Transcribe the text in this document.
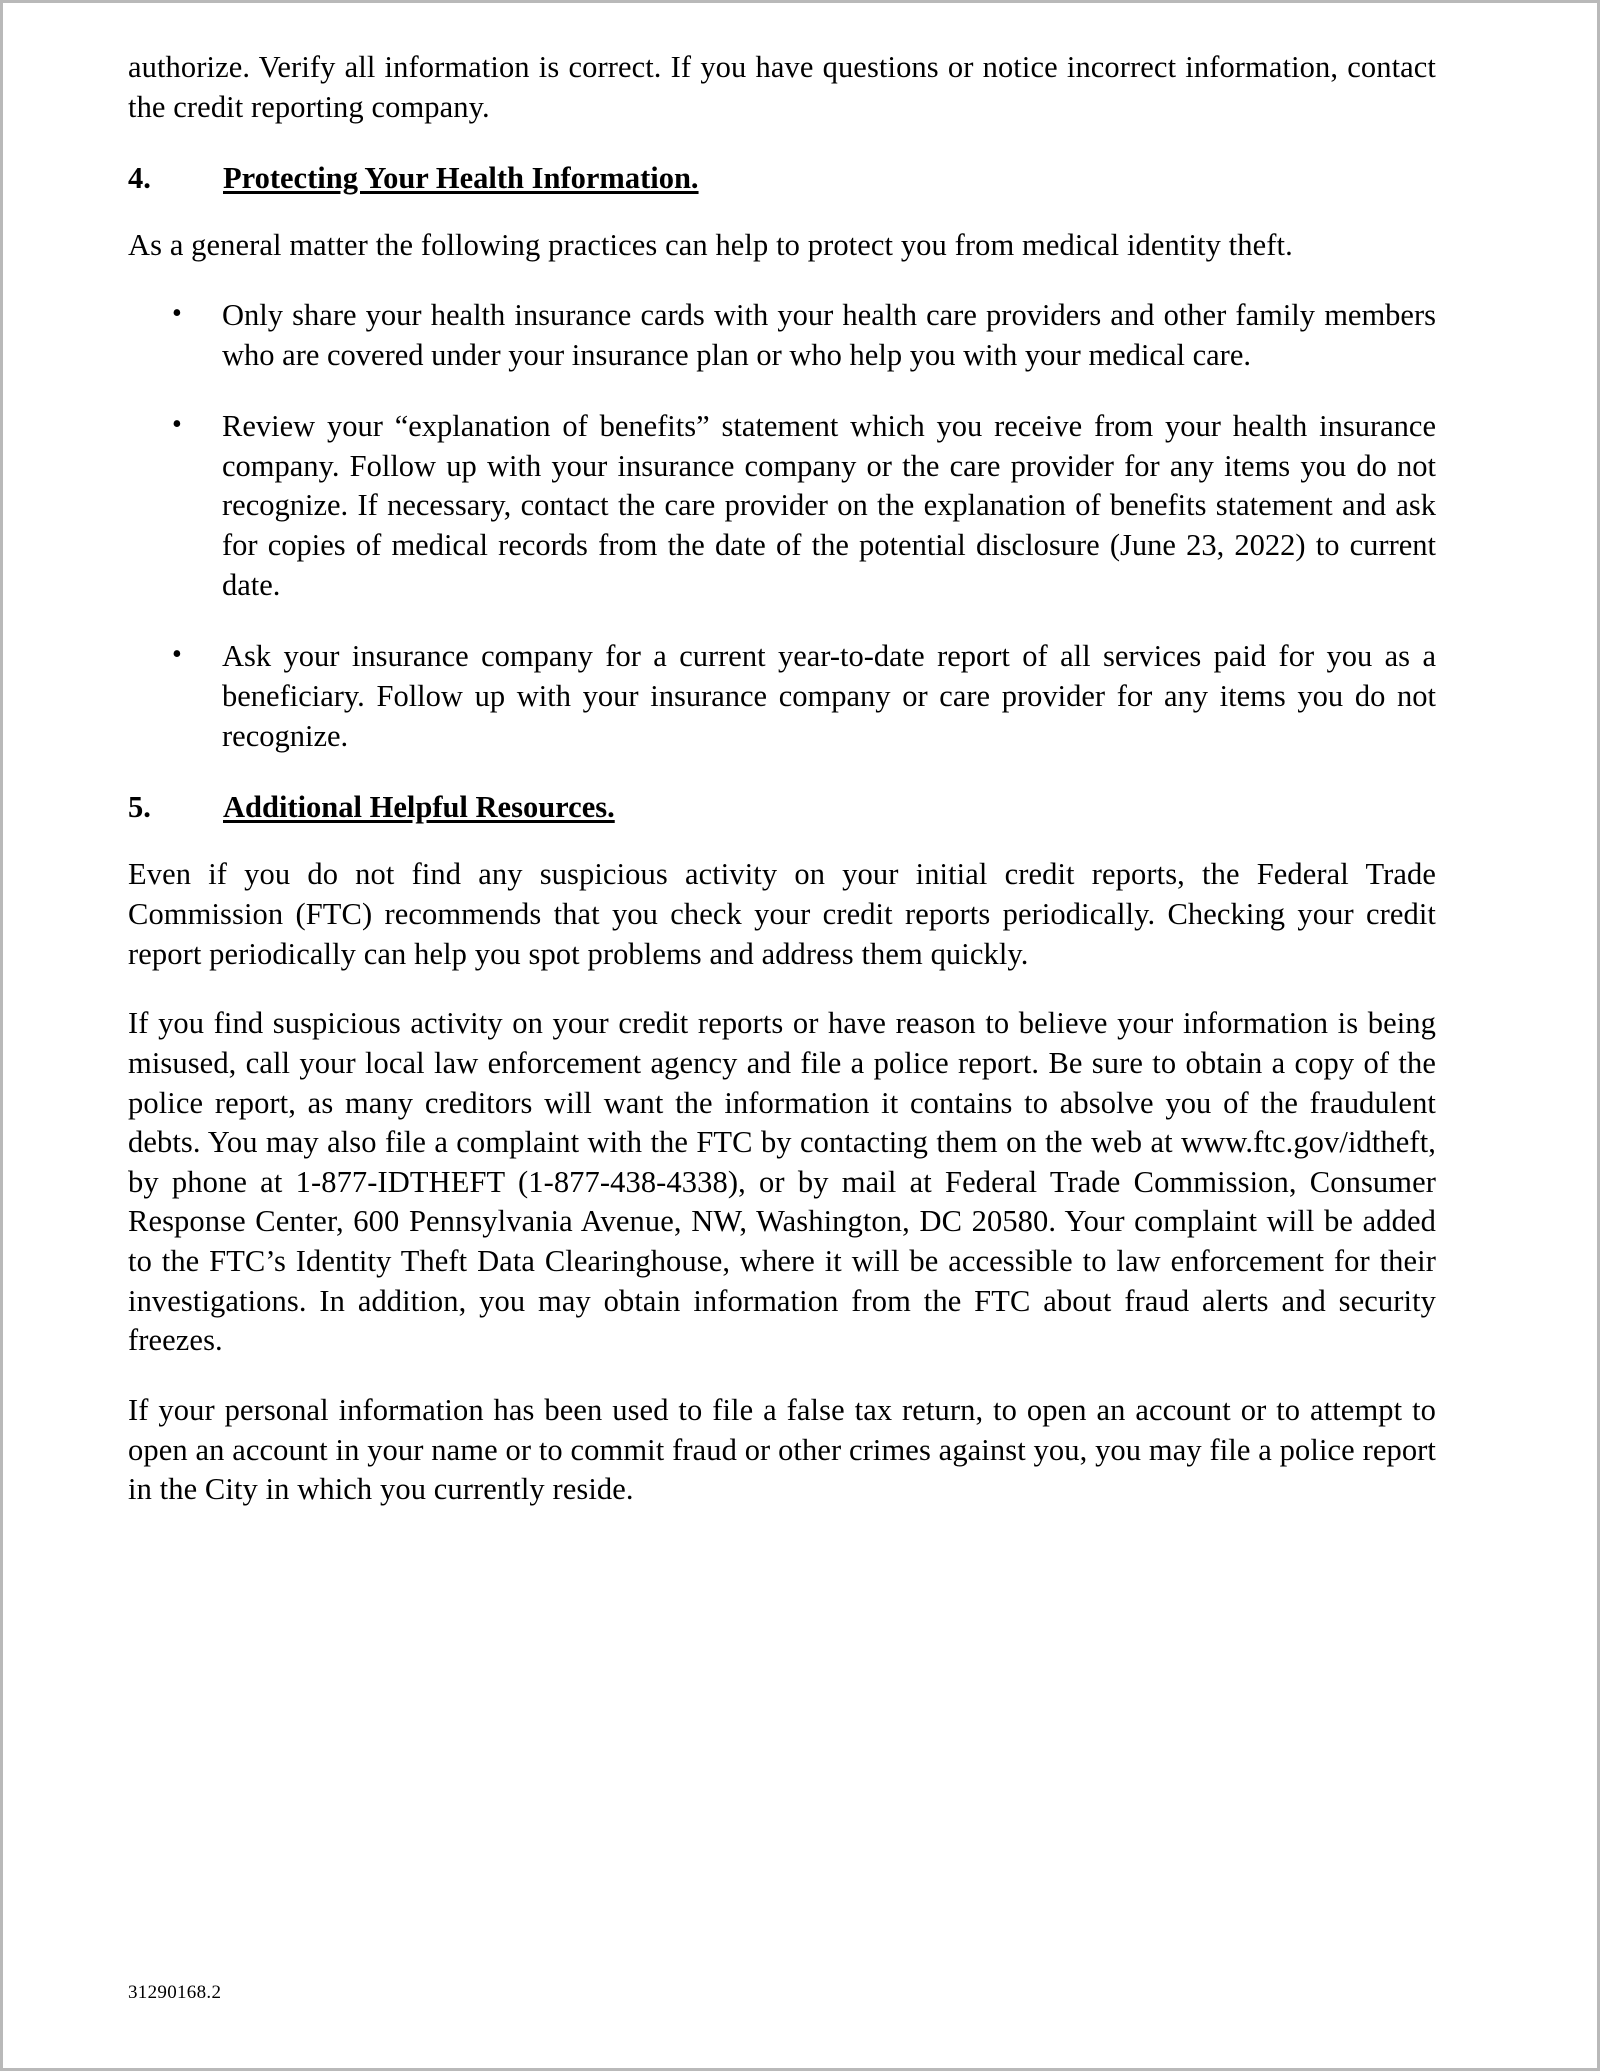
authorize. Verify all information is correct. If you have questions or notice incorrect information, contact the credit reporting company.

4.	Protecting Your Health Information.

As a general matter the following practices can help to protect you from medical identity theft.

• Only share your health insurance cards with your health care providers and other family members who are covered under your insurance plan or who help you with your medical care.
• Review your “explanation of benefits” statement which you receive from your health insurance company. Follow up with your insurance company or the care provider for any items you do not recognize. If necessary, contact the care provider on the explanation of benefits statement and ask for copies of medical records from the date of the potential disclosure (June 23, 2022) to current date.
• Ask your insurance company for a current year-to-date report of all services paid for you as a beneficiary. Follow up with your insurance company or care provider for any items you do not recognize.
5.	Additional Helpful Resources.

Even if you do not find any suspicious activity on your initial credit reports, the Federal Trade Commission (FTC) recommends that you check your credit reports periodically. Checking your credit report periodically can help you spot problems and address them quickly.

If you find suspicious activity on your credit reports or have reason to believe your information is being misused, call your local law enforcement agency and file a police report. Be sure to obtain a copy of the police report, as many creditors will want the information it contains to absolve you of the fraudulent debts. You may also file a complaint with the FTC by contacting them on the web at www.ftc.gov/idtheft, by phone at 1-877-IDTHEFT (1-877-438-4338), or by mail at Federal Trade Commission, Consumer Response Center, 600 Pennsylvania Avenue, NW, Washington, DC 20580. Your complaint will be added to the FTC’s Identity Theft Data Clearinghouse, where it will be accessible to law enforcement for their investigations. In addition, you may obtain information from the FTC about fraud alerts and security freezes.

If your personal information has been used to file a false tax return, to open an account or to attempt to open an account in your name or to commit fraud or other crimes against you, you may file a police report in the City in which you currently reside.

31290168.2
